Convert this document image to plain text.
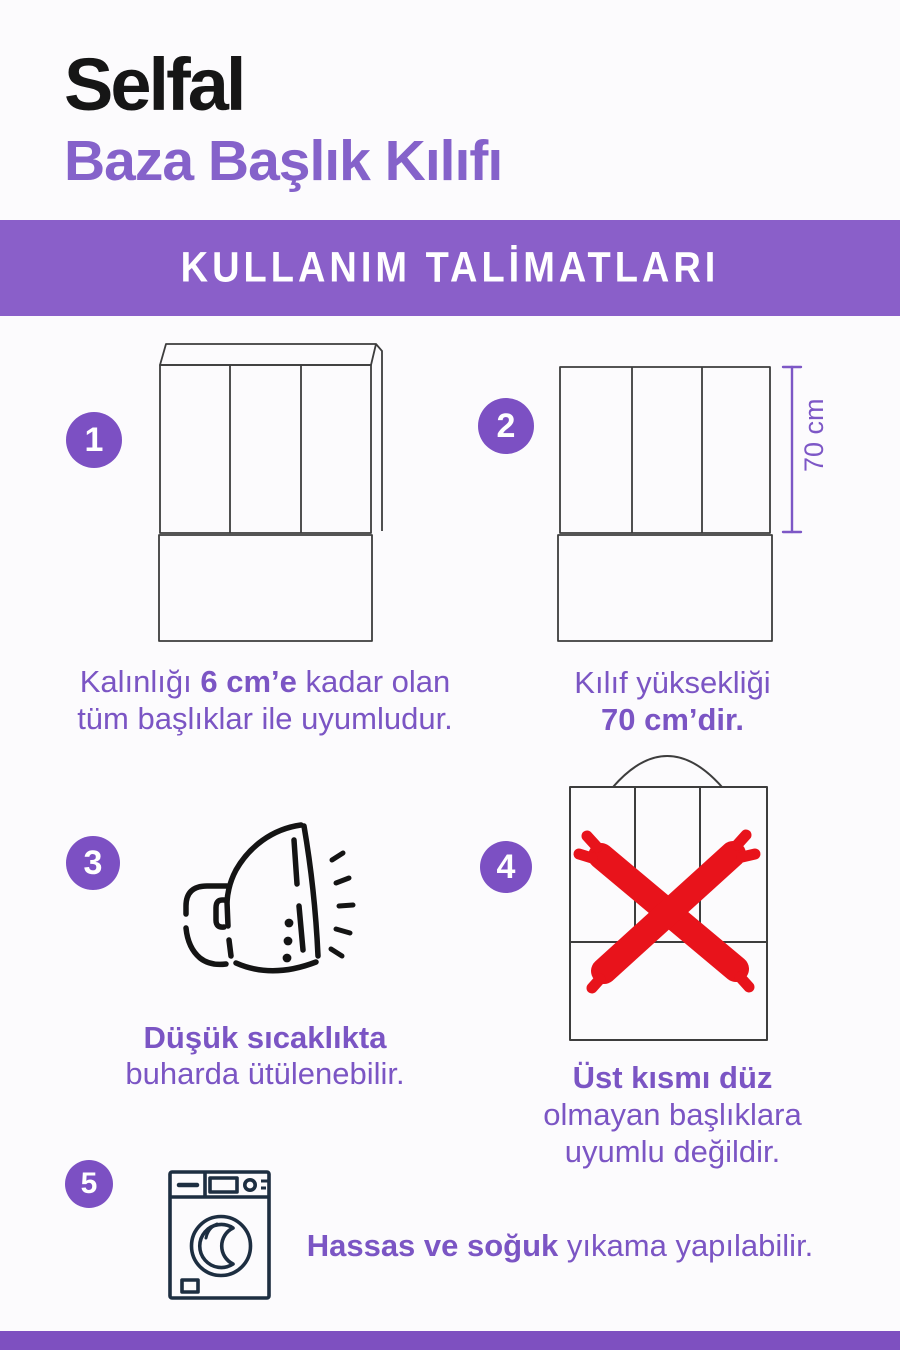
Selfal
Baza Başlık Kılıfı
KULLANIM TALİMATLARI
1	2
3	4
5
70 cm
Kalınlığı 6 cm’e kadar olan
tüm başlıklar ile uyumludur.
Kılıf yüksekliği
70 cm’dir.
Düşük sıcaklıkta
buharda ütülenebilir.	Üst kısmı düz
olmayan başlıklara
uyumlu değildir.
Hassas ve soğuk yıkama yapılabilir.
